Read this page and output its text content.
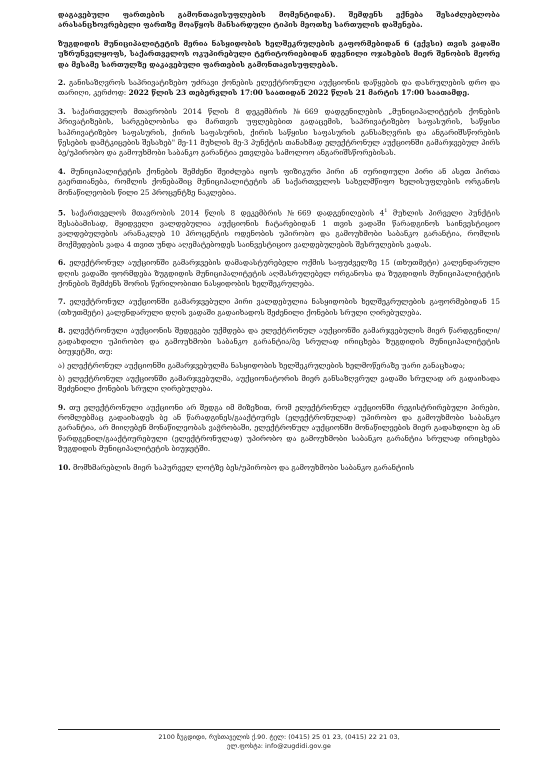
დაგავებული ფართების გამონთავისუფლების მომენტიდან). შემდენს ექნება შესაძლებლობა არასანცხოვრებელი ფართზე მოაწყოს მანსარდული ტიპის მეოთხე სართულის დაშენება.

ზუგდიდის მუნიციპალიტეტის მერია ნასყიდობის ხელშეკრულების გაფორმებიდან 6 (ექვსი) თვის ვადაში უზრუნველყოფს, საქართველოს ოკუპირებული ტერიტორიებიდან დევნილი ოჯახების მიერ შენობის მეორე და მესამე სართულზე დაკავებული ფართების გამონთავისუფლებას.

2. განისაზღვროს საპრივატიზებო უძრავი ქონების ელექტრონული აუქციონის დაწყების და დასრულების დრო და თარიღი, კერძოდ: 2022 წლის 23 თებერვლის 17:00 საათიდან 2022 წლის 21 მარტის 17:00 საათამდე.

3. საქართველოს მთავრობის 2014 წლის 8 დეკემბრის №669 დადგენილების „მუნიციპალიტეტის ქონების პრივატიზების, სარგებლობისა და მართვის უფლებებით გადაცემის, საპრივატიზებო საფასურის, საწყისი საპრივატიზებო საფასურის, ქირის საფასურის, ქირის საწყისი საფასურის განსაზღვრის და ანგარიშსწორების წესების დამტკიცების შესახებ" მე-11 მუხლის მე-3 პუნქტის თანახმად ელექტრონულ აუქციონში გამარჯვებულ პირს ბე/უპირობო და გამოუხმობი საბანკო გარანტია ეთვლება სამოლოო ანგარიშსწორებისას.

4. მუნიციპალიტეტის ქონების შემძენი შეიძლება იყოს ფიზიკური პირი ან იურიდიული პირი ან ასეთ პირთა გაერთიანება, რომლის ქონებაშიც მუნიციპალიტეტის ან საქართველოს სახელმწიფო ხელისუფლების ორგანოს მონაწილეობის წილი 25 პროცენტზე ნაკლებია.

5. საქართველოს მთავრობის 2014 წლის 8 დეკემბრის №669 დადგენილების $4^1$ მუხლის პირველი პუნქტის შესაბამისად, მყიდველი ვალდებულია აუქციონის ჩატარებიდან 1 თვის ვადაში წარადგინოს საინვესტიციო ვალდებულების არანაკლებ 10 პროცენტის ოდენობის უპირობო და გამოუხმობი საბანკო გარანტია, რომლის მოქმედების ვადა 4 თვით უნდა აღემატებოდეს საინვესტიციო ვალდებულების შესრულების ვადას.

6. ელექტრონულ აუქციონში გამარჯვების დამადასტურებელი ოქმის საფუძველზე 15 (თხუთმეტი) კალენდარული დღის ვადაში ფორმდება ზუგდიდის მუნიციპალიტეტის აღმასრულებელ ორგანოსა და ზუგდიდის მუნიციპალიტეტის ქონების შემძენს შორის წერილობითი ნასყიდობის ხელშეკრულება.

7. ელექტრონულ აუქციონში გამარჯვებული პირი ვალდებულია ნასყიდობის ხელშეკრულების გაფორმებიდან 15 (თხუთმეტი) კალენდარული დღის ვადაში გადაიხადოს შეძენილი ქონების სრული ღირებულება.

8. ელექტრონული აუქციონის შედეგები უქმდება და ელექტრონულ აუქციონში გამარჯვებულის მიერ წარდგენილი/გადახდილი უპირობო და გამოუხმობი საბანკო გარანტია/ბე სრულად ირიცხება ზუგდიდის მუნიციპალიტეტის ბიუჯეტში, თუ:

ა) ელექტრონულ აუქციონში გამარჯვებულმა ნასყიდობის ხელშეკრულების ხელმოწერაზე უარი განაცხადა;

ბ) ელექტრონულ აუქციონში გამარჯვებულმა, აუქციონატორის მიერ განსაზღვრულ ვადაში სრულად არ გადაიხადა შეძენილი ქონების სრული ღირებულება.

9. თუ ელექტრონული აუქციონი არ შედგა იმ მიზეზით, რომ ელექტრონულ აუქციონში რეგისტრირებული პირები, რომლებმაც გადაიხადეს ბე ან წარადგინეს/გააქტიურეს (ელექტრონულად) უპირობო და გამოუხმობი საბანკო გარანტია, არ მიიღებენ მონაწილეობას ვაჭრობაში, ელექტრონულ აუქციონში მონაწილეების მიერ გადახდილი ბე ან წარდგენილ/გააქტიურებული (ელექტრონულად) უპირობო და გამოუხმობი საბანკო გარანტია სრულად ირიცხება ზუგდიდის მუნიციპალიტეტის ბიუჯეტში.

10. მომხმარებლის მიერ საპურველ ლოტზე ბეს/უპირობო და გამოუხმობი საბანკო გარანტიის

2100 ზუგდიდი, რუსთაველის ქ.90. ტელ: (0415) 25 01 23, (0415) 22 21 03,
ელ.ფოსტა: info@zugdidi.gov.ge
